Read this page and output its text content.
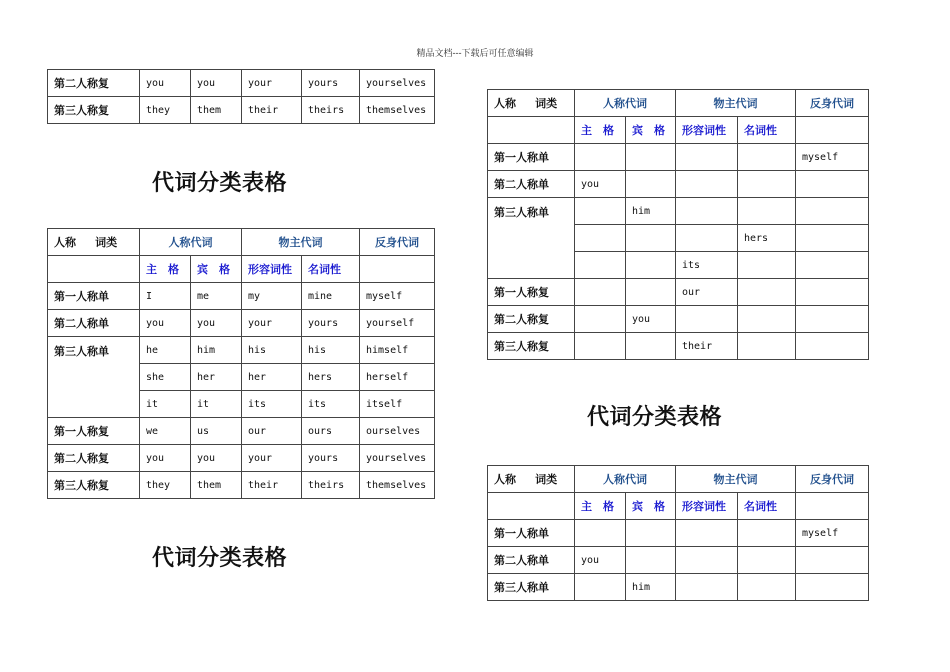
精品文档---下载后可任意编辑
第二人称复	you	you	your	yours	yourselves
第三人称复	they	them	their	theirs	themselves
代词分类表格
人称 词类	人称代词		物主代词		反身代词
	主　格	宾　格	形容词性	名词性	
第一人称单	I	me	my	mine	myself
第二人称单	you	you	your	yours	yourself
第三人称单	he	him	his	his	himself
	she	her	her	hers	herself
	it	it	its	its	itself
第一人称复	we	us	our	ours	ourselves
第二人称复	you	you	your	yours	yourselves
第三人称复	they	them	their	theirs	themselves
代词分类表格
人称 词类	人称代词		物主代词		反身代词
	主　格	宾　格	形容词性	名词性	
第一人称单					myself
第二人称单	you				
第三人称单		him			
				hers	
			its		
第一人称复			our		
第二人称复		you			
第三人称复			their		
代词分类表格
人称 词类	人称代词		物主代词		反身代词
	主　格	宾　格	形容词性	名词性	
第一人称单					myself
第二人称单	you				
第三人称单		him			
